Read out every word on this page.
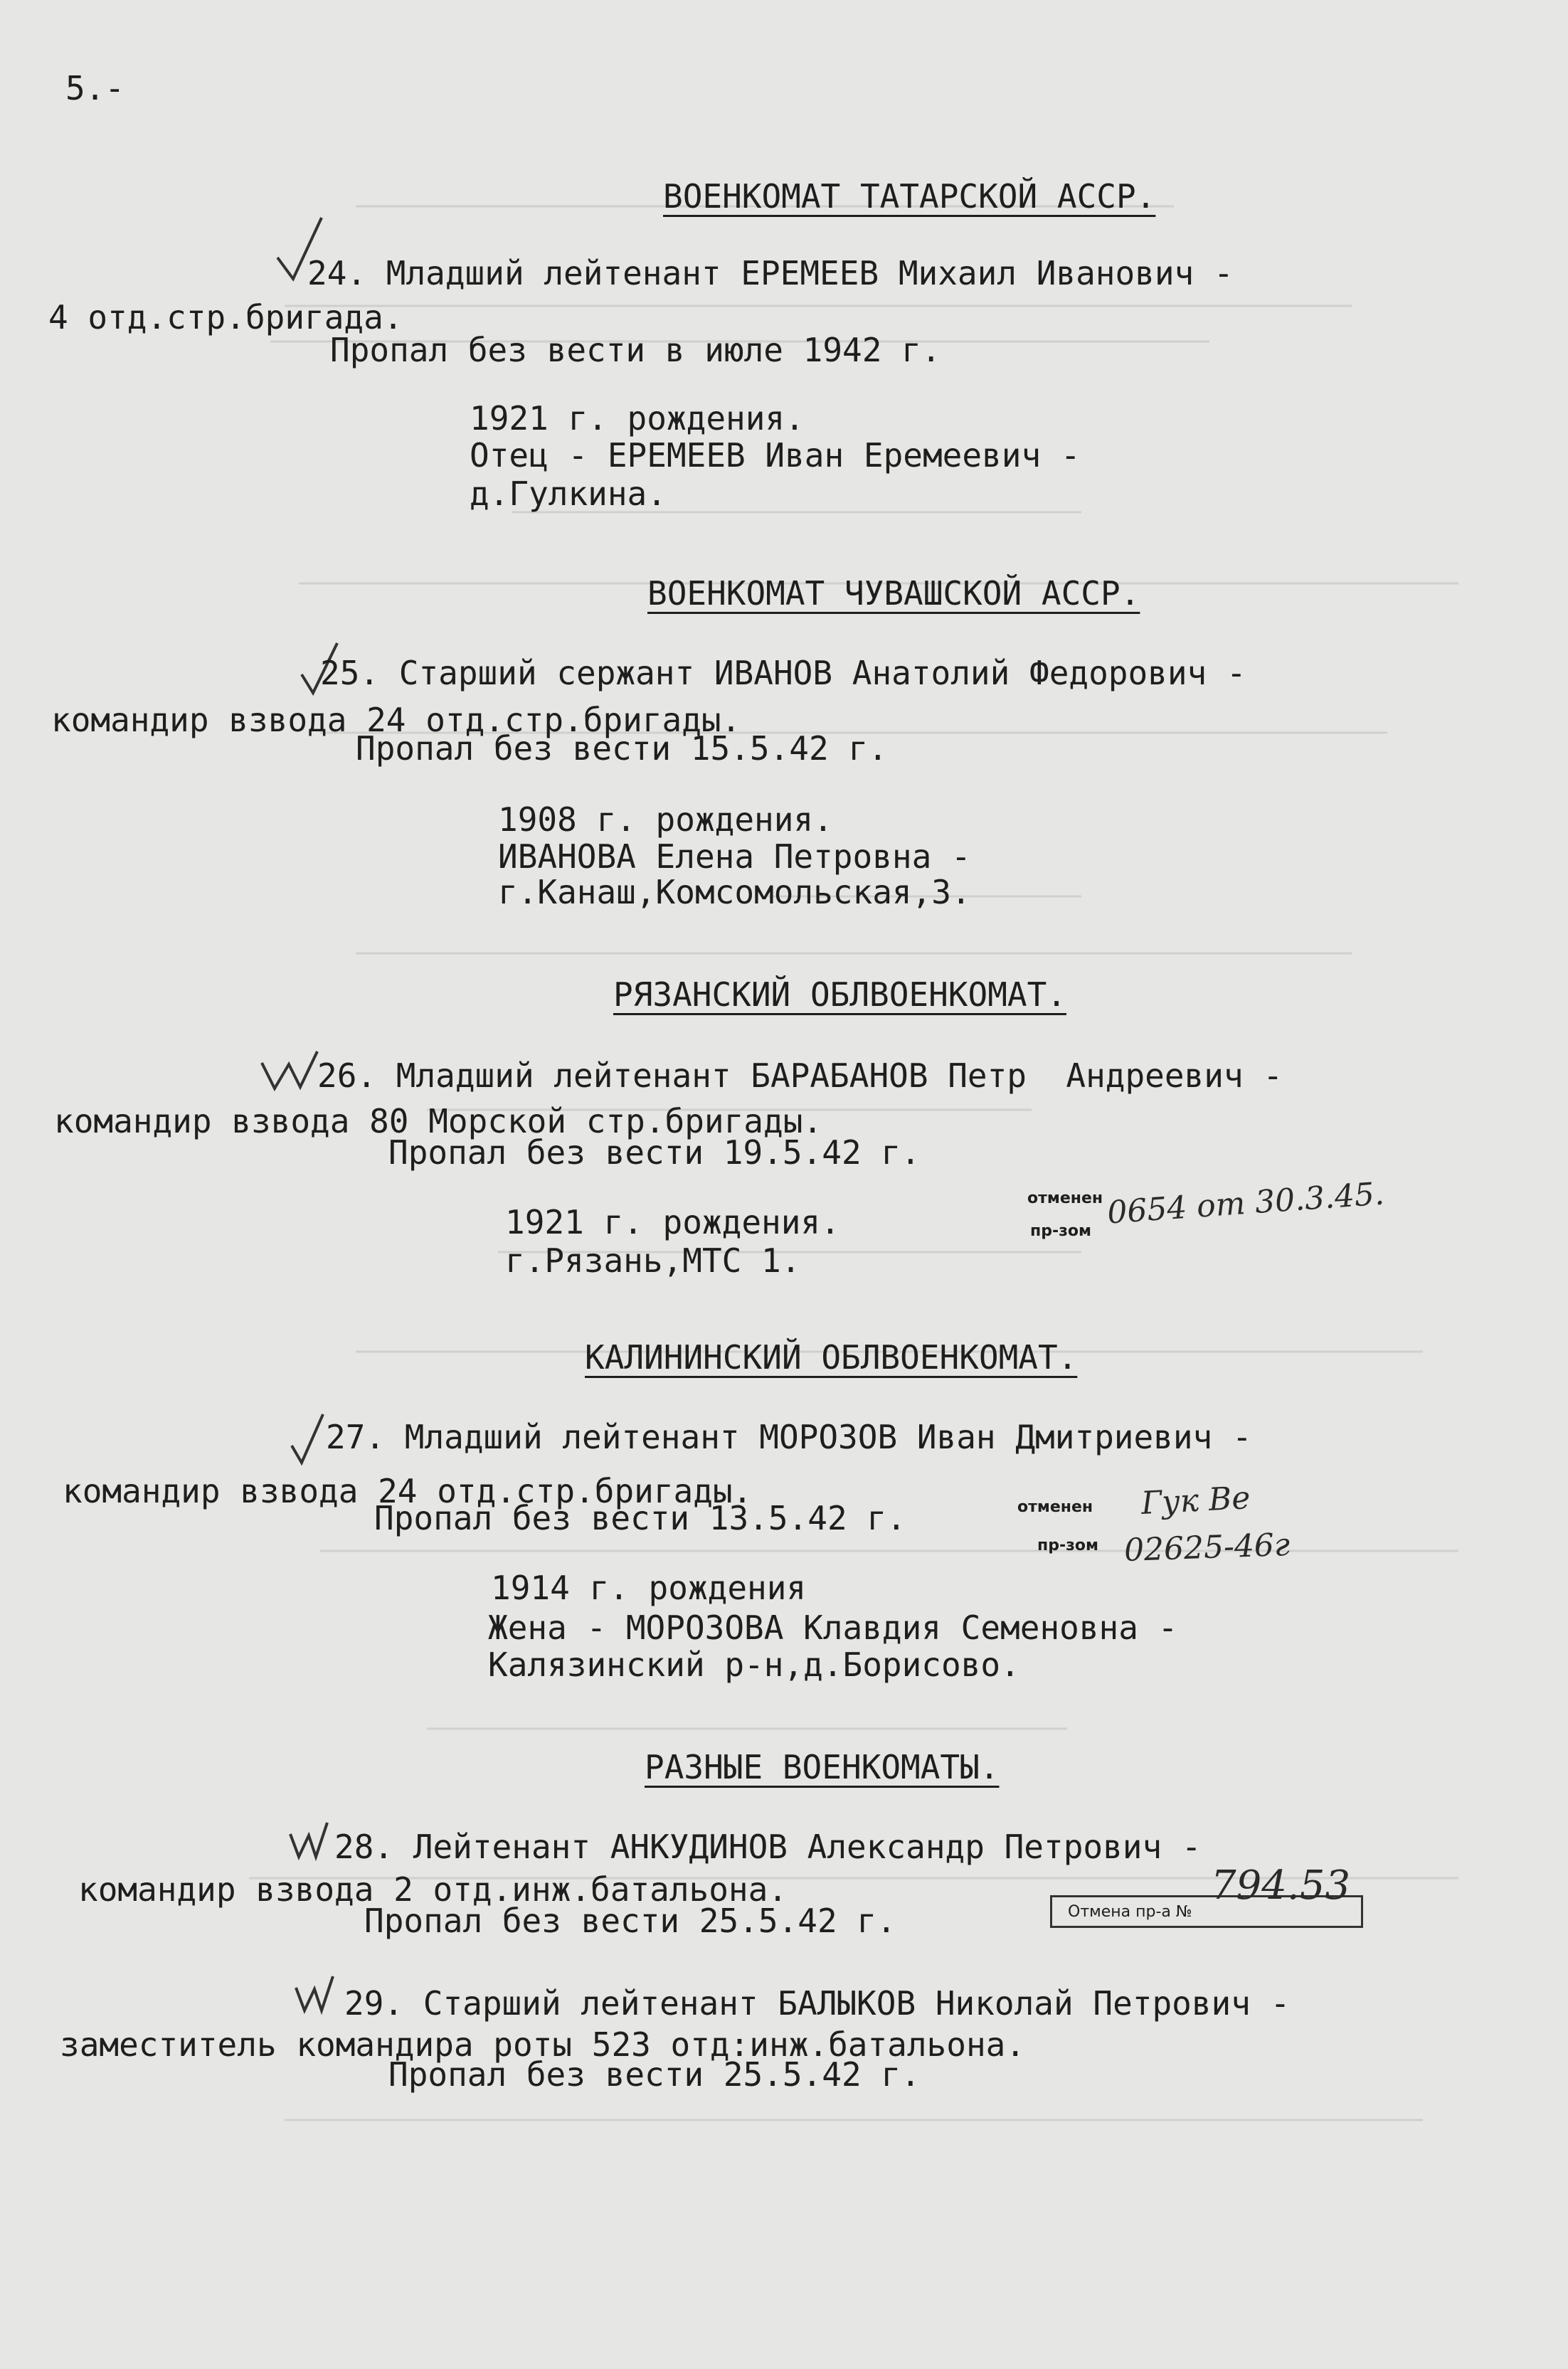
5.-
ВОЕНКОМАТ ТАТАРСКОЙ АССР.
24. Младший лейтенант ЕРЕМЕЕВ Михаил Иванович -
4 отд.стр.бригада.
Пропал без вести в июле 1942 г.
1921 г. рождения.
Отец - ЕРЕМЕЕВ Иван Еремеевич -
д.Гулкина.
ВОЕНКОМАТ ЧУВАШСКОЙ АССР.
25. Старший сержант ИВАНОВ Анатолий Федорович -
командир взвода 24 отд.стр.бригады.
Пропал без вести 15.5.42 г.
1908 г. рождения.
ИВАНОВА Елена Петровна -
г.Канаш,Комсомольская,3.
РЯЗАНСКИЙ ОБЛВОЕНКОМАТ.
26. Младший лейтенант БАРАБАНОВ Петр  Андреевич -
командир взвода 80 Морской стр.бригады.
Пропал без вести 19.5.42 г.
1921 г. рождения.
г.Рязань,МТС 1.
отменен
пр-зом 0654 от 30.3.45.
КАЛИНИНСКИЙ ОБЛВОЕНКОМАТ.
27. Младший лейтенант МОРОЗОВ Иван Дмитриевич -
командир взвода 24 отд.стр.бригады.
Пропал без вести 13.5.42 г.
1914 г. рождения
Жена - МОРОЗОВА Клавдия Семеновна -
Калязинский р-н,д.Борисово.
отменен
пр-зом
Гук Ве
02625-46г
РАЗНЫЕ ВОЕНКОМАТЫ.
28. Лейтенант АНКУДИНОВ Александр Петрович -
командир взвода 2 отд.инж.батальона.
Пропал без вести 25.5.42 г.	Отмена пр-а №
794.53
29. Старший лейтенант БАЛЫКОВ Николай Петрович -
заместитель командира роты 523 отд:инж.батальона.
Пропал без вести 25.5.42 г.
